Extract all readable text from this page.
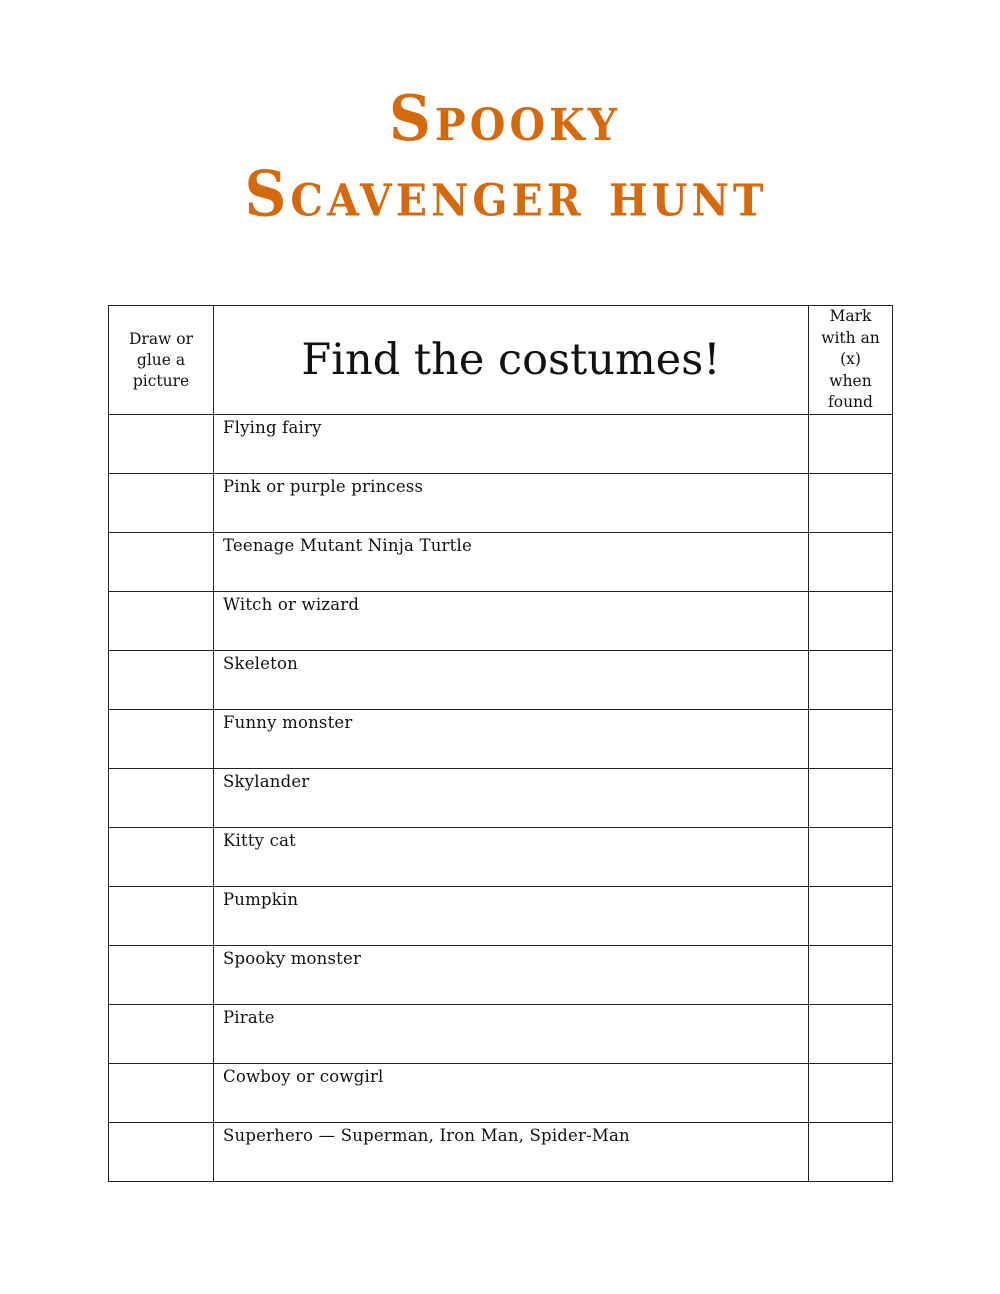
Spooky
Scavenger hunt
Draw or glue a picture	Find the costumes!	Mark with an (x) when found

	Flying fairy	
	Pink or purple princess	
	Teenage Mutant Ninja Turtle	
	Witch or wizard	
	Skeleton	
	Funny monster	
	Skylander	
	Kitty cat	
	Pumpkin	
	Spooky monster	
	Pirate	
	Cowboy or cowgirl	
	Superhero — Superman, Iron Man, Spider-Man	
